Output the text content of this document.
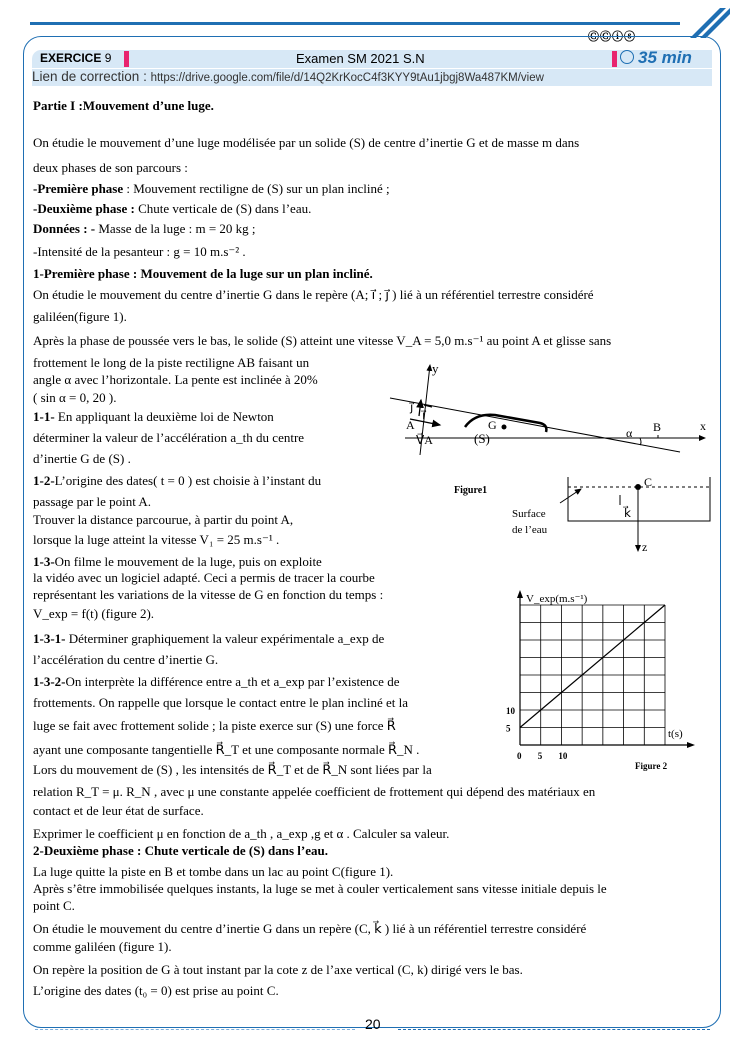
ⒸⒸⓘⓢ
EXERCICE 9	Examen SM 2021 S.N	35 min
Lien de correction : https://drive.google.com/file/d/14Q2KrKocC4f3KYY9tAu1jbgj8Wa487KM/view
Partie I :Mouvement d’une luge.
On étudie le mouvement d’une luge modélisée par un solide (S) de centre d’inertie G et de masse m dans
deux phases de son parcours :
-Première phase : Mouvement rectiligne de (S) sur un plan incliné ;
-Deuxième phase : Chute verticale de (S) dans l’eau.
Données : - Masse de la luge : m = 20 kg ;
-Intensité de la pesanteur : g = 10 m.s⁻² .
1-Première phase : Mouvement de la luge sur un plan incliné.
On étudie le mouvement du centre d’inertie G dans le repère (A; i⃗ ; j⃗ ) lié à un référentiel terrestre considéré
galiléen(figure 1).
Après la phase de poussée vers le bas, le solide (S) atteint une vitesse V_A = 5,0 m.s⁻¹ au point A et glisse sans
frottement le long de la piste rectiligne AB faisant un
angle α avec l’horizontale. La pente est inclinée à 20%
( sin α = 0, 20 ).
1-1- En appliquant la deuxième loi de Newton
déterminer la valeur de l’accélération a_th du centre
d’inertie G de (S) .
1-2-L’origine des dates( t = 0 ) est choisie à l’instant du
passage par le point A.
Trouver la distance parcourue, à partir du point A,
lorsque la luge atteint la vitesse V₁ = 25 m.s⁻¹ .
1-3-On filme le mouvement de la luge, puis on exploite
la vidéo avec un logiciel adapté. Ceci a permis de tracer la courbe
représentant les variations de la vitesse de G en fonction du temps :
V_exp = f(t) (figure 2).
1-3-1- Déterminer graphiquement la valeur expérimentale a_exp de
l’accélération du centre d’inertie G.
1-3-2-On interprète la différence entre a_th et a_exp par l’existence de
frottements. On rappelle que lorsque le contact entre le plan incliné et la
luge se fait avec frottement solide ; la piste exerce sur (S) une force R⃗
ayant une composante tangentielle R⃗_T et une composante normale R⃗_N .
Lors du mouvement de (S) , les intensités de R⃗_T et de R⃗_N sont liées par la
relation R_T = μ. R_N , avec μ une constante appelée coefficient de frottement qui dépend des matériaux en
contact et de leur état de surface.
Exprimer le coefficient μ en fonction de a_th , a_exp ,g et α . Calculer sa valeur.
2-Deuxième phase : Chute verticale de (S) dans l’eau.
La luge quitte la piste en B et tombe dans un lac au point C(figure 1).
Après s’être immobilisée quelques instants, la luge se met à couler verticalement sans vitesse initiale depuis le
point C.
On étudie le mouvement du centre d’inertie G dans un repère (C, k⃗ ) lié à un référentiel terrestre considéré
comme galiléen (figure 1).
On repère la position de G à tout instant par la cote z de l’axe vertical (C, k) dirigé vers le bas.
L’origine des dates (t₀ = 0) est prise au point C.
y
j⃗
i⃗
A
V⃗A	(S)
G
α B	x
C
k⃗
z
Surface
de l’eau
Figure1
0 5 10
5
10
V_exp(m.s⁻¹)
t(s)
Figure 2
20
